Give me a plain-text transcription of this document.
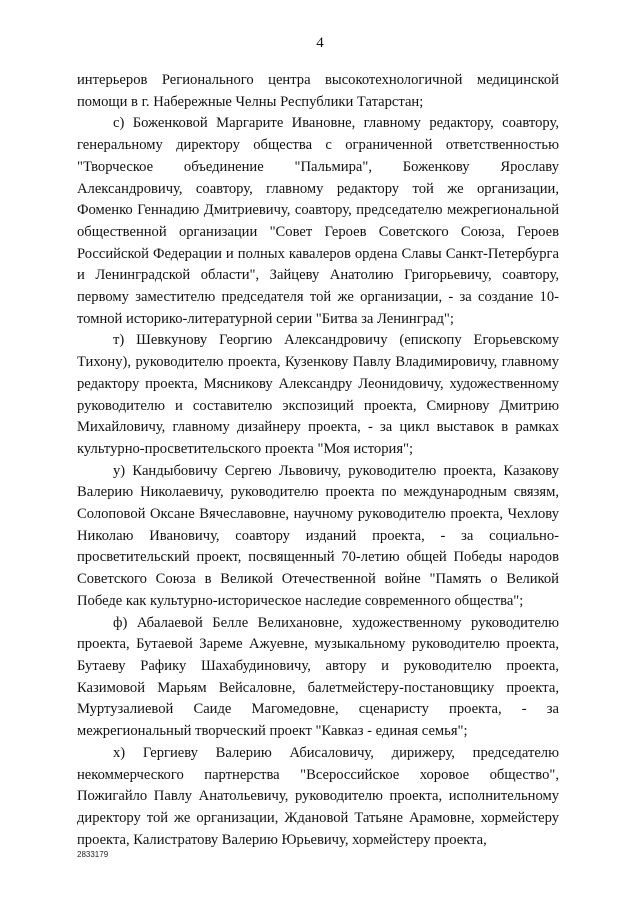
4

интерьеров Регионального центра высокотехнологичной медицинской помощи в г. Набережные Челны Республики Татарстан;

с) Боженковой Маргарите Ивановне, главному редактору, соавтору, генеральному директору общества с ограниченной ответственностью "Творческое объединение "Пальмира", Боженкову Ярославу Александровичу, соавтору, главному редактору той же организации, Фоменко Геннадию Дмитриевичу, соавтору, председателю межрегиональной общественной организации "Совет Героев Советского Союза, Героев Российской Федерации и полных кавалеров ордена Славы Санкт-Петербурга и Ленинградской области", Зайцеву Анатолию Григорьевичу, соавтору, первому заместителю председателя той же организации, - за создание 10-томной историко-литературной серии "Битва за Ленинград";

т) Шевкунову Георгию Александровичу (епископу Егорьевскому Тихону), руководителю проекта, Кузенкову Павлу Владимировичу, главному редактору проекта, Мясникову Александру Леонидовичу, художественному руководителю и составителю экспозиций проекта, Смирнову Дмитрию Михайловичу, главному дизайнеру проекта, - за цикл выставок в рамках культурно-просветительского проекта "Моя история";

у) Кандыбовичу Сергею Львовичу, руководителю проекта, Казакову Валерию Николаевичу, руководителю проекта по международным связям, Солоповой Оксане Вячеславовне, научному руководителю проекта, Чехлову Николаю Ивановичу, соавтору изданий проекта, - за социально-просветительский проект, посвященный 70-летию общей Победы народов Советского Союза в Великой Отечественной войне "Память о Великой Победе как культурно-историческое наследие современного общества";

ф) Абалаевой Белле Велихановне, художественному руководителю проекта, Бутаевой Зареме Ажуевне, музыкальному руководителю проекта, Бутаеву Рафику Шахабудиновичу, автору и руководителю проекта, Казимовой Марьям Вейсаловне, балетмейстеру-постановщику проекта, Муртузалиевой Саиде Магомедовне, сценаристу проекта, - за межрегиональный творческий проект "Кавказ - единая семья";

х) Гергиеву Валерию Абисаловичу, дирижеру, председателю некоммерческого партнерства "Всероссийское хоровое общество", Пожигайло Павлу Анатольевичу, руководителю проекта, исполнительному директору той же организации, Ждановой Татьяне Арамовне, хормейстеру проекта, Калистратову Валерию Юрьевичу, хормейстеру проекта,

2833179
